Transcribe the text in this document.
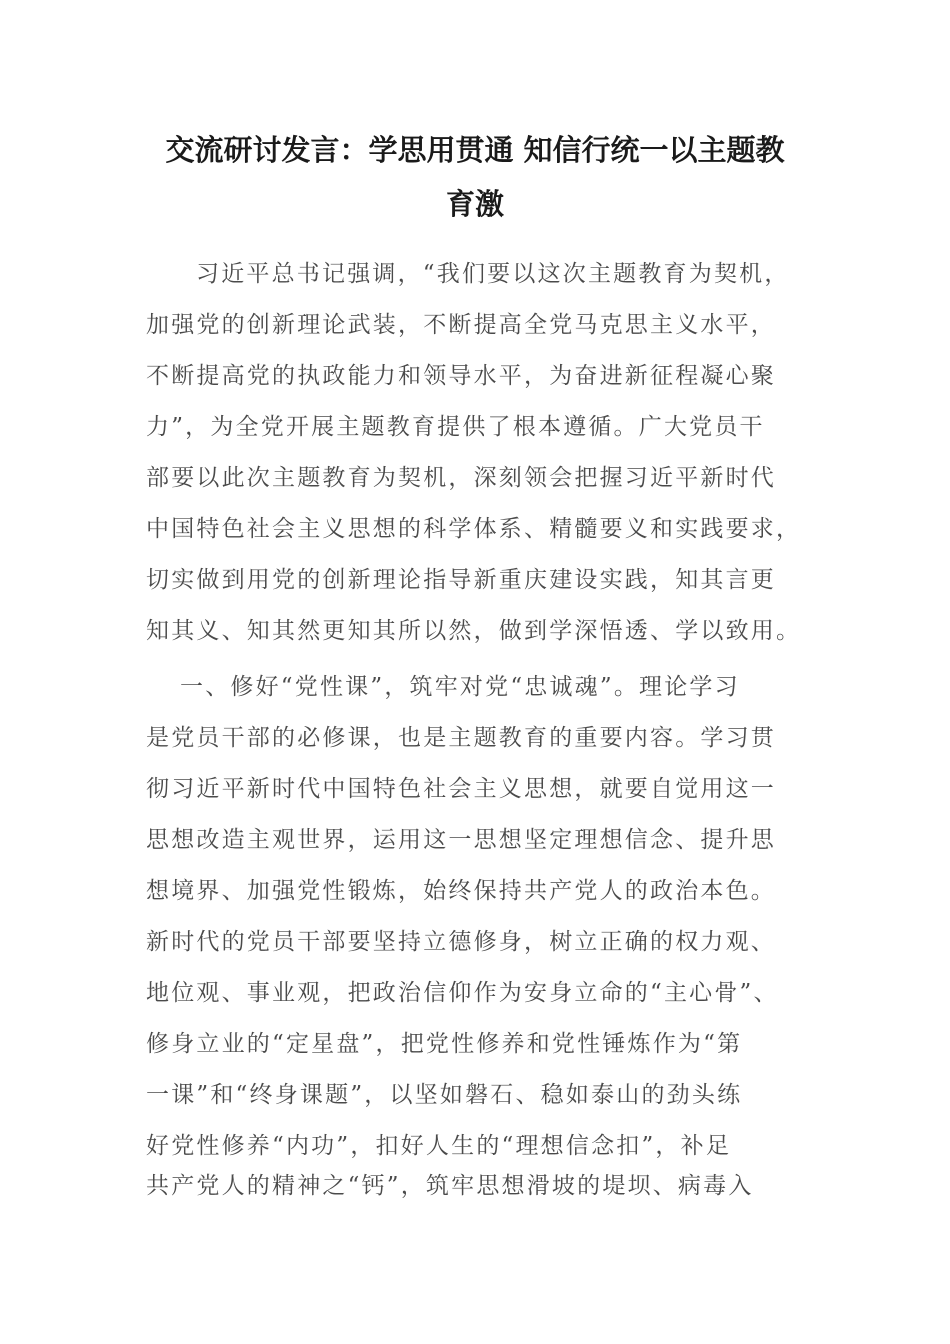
交流研讨发言：学思用贯通 知信行统一以主题教
育激

习近平总书记强调，“我们要以这次主题教育为契机，

加强党的创新理论武装，不断提高全党马克思主义水平，

不断提高党的执政能力和领导水平，为奋进新征程凝心聚

力”，为全党开展主题教育提供了根本遵循。广大党员干

部要以此次主题教育为契机，深刻领会把握习近平新时代

中国特色社会主义思想的科学体系、精髓要义和实践要求，

切实做到用党的创新理论指导新重庆建设实践，知其言更

知其义、知其然更知其所以然，做到学深悟透、学以致用。

一、修好“党性课”，筑牢对党“忠诚魂”。理论学习

是党员干部的必修课，也是主题教育的重要内容。学习贯

彻习近平新时代中国特色社会主义思想，就要自觉用这一

思想改造主观世界，运用这一思想坚定理想信念、提升思

想境界、加强党性锻炼，始终保持共产党人的政治本色。

新时代的党员干部要坚持立德修身，树立正确的权力观、

地位观、事业观，把政治信仰作为安身立命的“主心骨”、

修身立业的“定星盘”，把党性修养和党性锤炼作为“第

一课”和“终身课题”，以坚如磐石、稳如泰山的劲头练

好党性修养“内功”，扣好人生的“理想信念扣”，补足

共产党人的精神之“钙”，筑牢思想滑坡的堤坝、病毒入
